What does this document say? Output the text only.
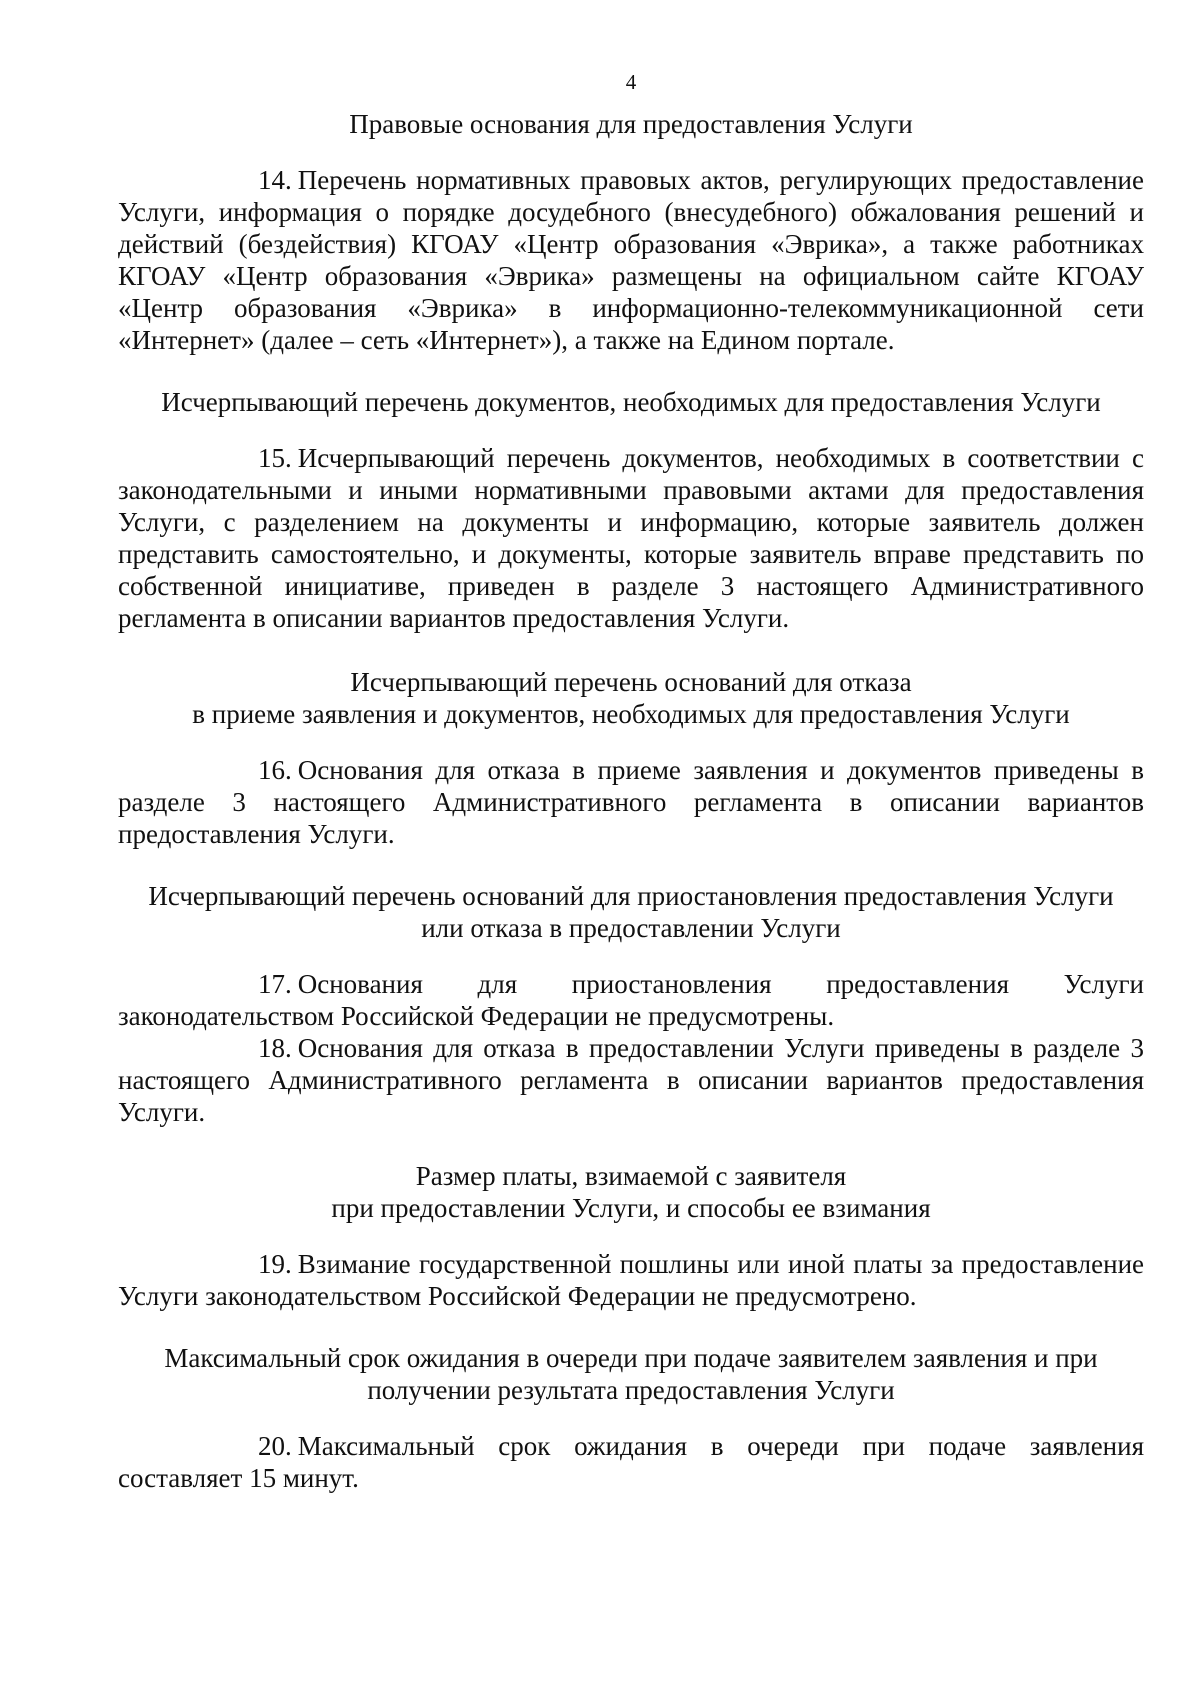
4
Правовые основания для предоставления Услуги

14. Перечень нормативных правовых актов, регулирующих предоставление Услуги, информация о порядке досудебного (внесудебного) обжалования решений и действий (бездействия) КГОАУ «Центр образования «Эврика», а также работниках КГОАУ «Центр образования «Эврика» размещены на официальном сайте КГОАУ «Центр образования «Эврика» в информационно-телекоммуникационной сети «Интернет» (далее – сеть «Интернет»), а также на Едином портале.

Исчерпывающий перечень документов, необходимых для предоставления Услуги

15. Исчерпывающий перечень документов, необходимых в соответствии с законодательными и иными нормативными правовыми актами для предоставления Услуги, с разделением на документы и информацию, которые заявитель должен представить самостоятельно, и документы, которые заявитель вправе представить по собственной инициативе, приведен в разделе 3 настоящего Административного регламента в описании вариантов предоставления Услуги.

Исчерпывающий перечень оснований для отказа
в приеме заявления и документов, необходимых для предоставления Услуги

16. Основания для отказа в приеме заявления и документов приведены в разделе 3 настоящего Административного регламента в описании вариантов предоставления Услуги.

Исчерпывающий перечень оснований для приостановления предоставления Услуги
или отказа в предоставлении Услуги

17. Основания для приостановления предоставления Услуги законодательством Российской Федерации не предусмотрены.

18. Основания для отказа в предоставлении Услуги приведены в разделе 3 настоящего Административного регламента в описании вариантов предоставления Услуги.

Размер платы, взимаемой с заявителя
при предоставлении Услуги, и способы ее взимания

19. Взимание государственной пошлины или иной платы за предоставление Услуги законодательством Российской Федерации не предусмотрено.

Максимальный срок ожидания в очереди при подаче заявителем заявления и при
получении результата предоставления Услуги

20. Максимальный срок ожидания в очереди при подаче заявления составляет 15 минут.
